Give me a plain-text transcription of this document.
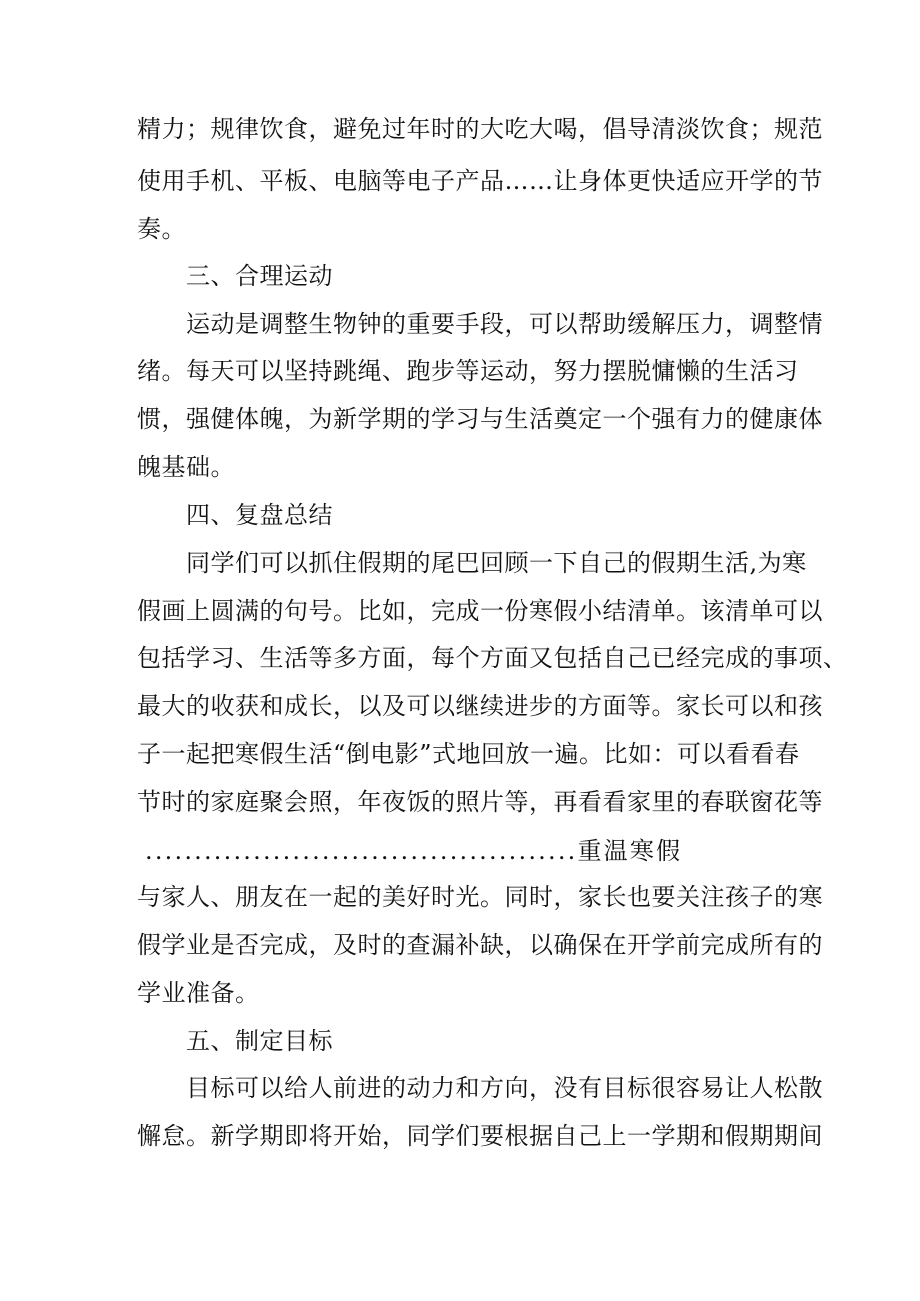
精力；规律饮食，避免过年时的大吃大喝，倡导清淡饮食；规范
使用手机、平板、电脑等电子产品……让身体更快适应开学的节
奏。
三、合理运动
运动是调整生物钟的重要手段，可以帮助缓解压力，调整情
绪。每天可以坚持跳绳、跑步等运动，努力摆脱慵懒的生活习
惯，强健体魄，为新学期的学习与生活奠定一个强有力的健康体
魄基础。
四、复盘总结
同学们可以抓住假期的尾巴回顾一下自己的假期生活,为寒
假画上圆满的句号。比如，完成一份寒假小结清单。该清单可以
包括学习、生活等多方面，每个方面又包括自己已经完成的事项、
最大的收获和成长，以及可以继续进步的方面等。家长可以和孩
子一起把寒假生活“倒电影”式地回放一遍。比如：可以看看春
节时的家庭聚会照，年夜饭的照片等，再看看家里的春联窗花等
............................................重温寒假
与家人、朋友在一起的美好时光。同时，家长也要关注孩子的寒
假学业是否完成，及时的查漏补缺，以确保在开学前完成所有的
学业准备。
五、制定目标
目标可以给人前进的动力和方向，没有目标很容易让人松散
懈怠。新学期即将开始，同学们要根据自己上一学期和假期期间
